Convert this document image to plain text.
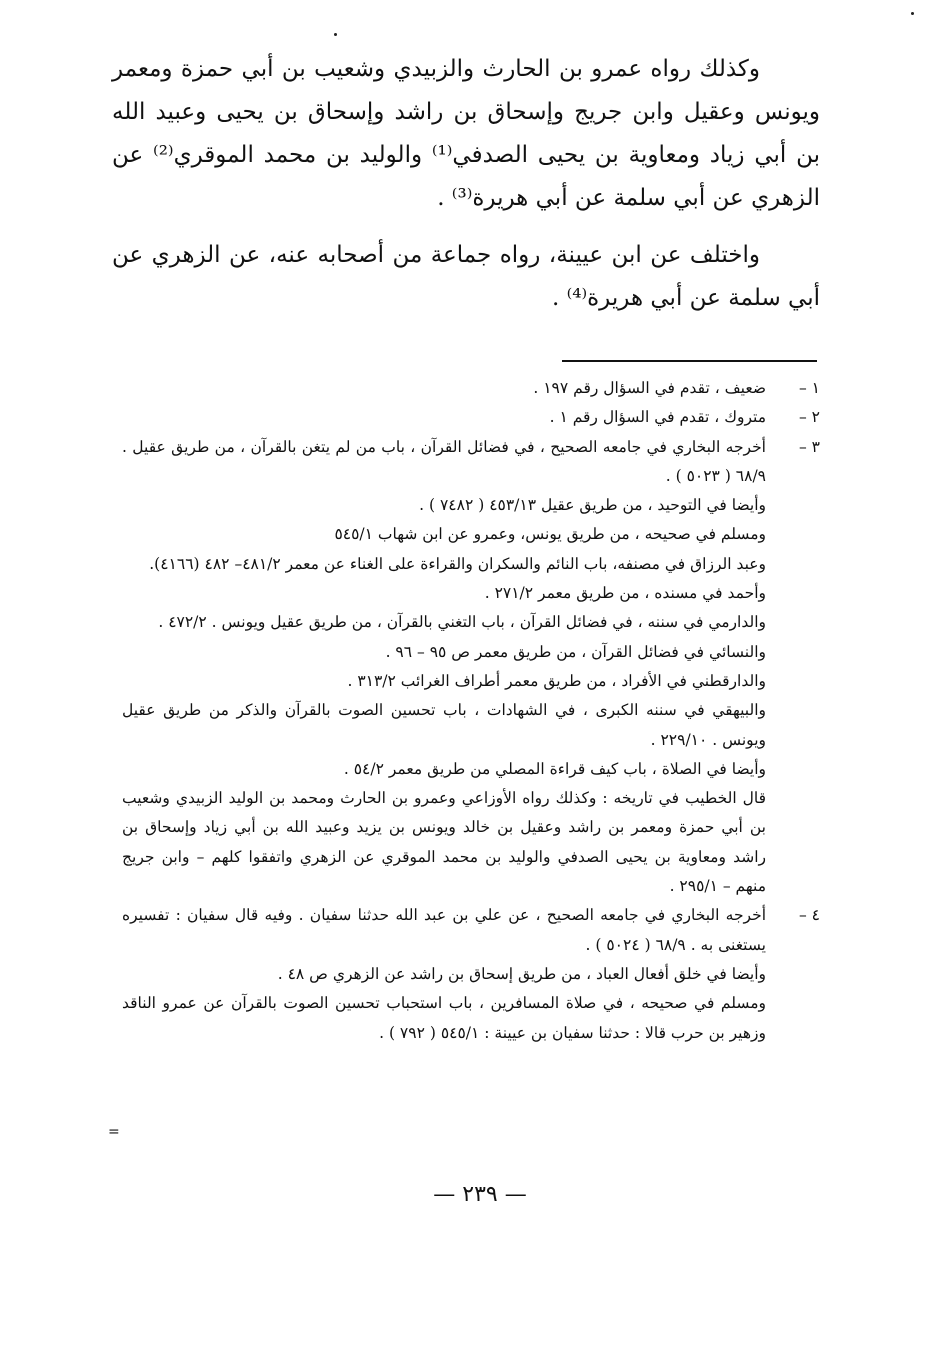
وكذلك رواه عمرو بن الحارث والزبيدي وشعيب بن أبي حمزة ومعمر ويونس وعقيل وابن جريج وإسحاق بن راشد وإسحاق بن يحيى وعبيد الله بن أبي زياد ومعاوية بن يحيى الصدفي⁽¹⁾ والوليد بن محمد الموقري⁽²⁾ عن الزهري عن أبي سلمة عن أبي هريرة⁽³⁾ .

واختلف عن ابن عيينة، رواه جماعة من أصحابه عنه، عن الزهري عن أبي سلمة عن أبي هريرة⁽⁴⁾ .

١ –
ضعيف ، تقدم في السؤال رقم ١٩٧ .
٢ –
متروك ، تقدم في السؤال رقم ١ .
٣ –
أخرجه البخاري في جامعه الصحيح ، في فضائل القرآن ، باب من لم يتغن بالقرآن ، من طريق عقيل . ٦٨/٩ ( ٥٠٢٣ ) .
وأيضا في التوحيد ، من طريق عقيل ٤٥٣/١٣ ( ٧٤٨٢ ) .
ومسلم في صحيحه ، من طريق يونس، وعمرو عن ابن شهاب ٥٤٥/١
وعبد الرزاق في مصنفه، باب النائم والسكران والقراءة على الغناء عن معمر ٤٨١/٢– ٤٨٢ (٤١٦٦).
وأحمد في مسنده ، من طريق معمر ٢٧١/٢ .
والدارمي في سننه ، في فضائل القرآن ، باب التغني بالقرآن ، من طريق عقيل ويونس . ٤٧٢/٢ .
والنسائي في فضائل القرآن ، من طريق معمر ص ٩٥ – ٩٦ .
والدارقطني في الأفراد ، من طريق معمر أطراف الغرائب ٣١٣/٢ .
والبيهقي في سننه الكبرى ، في الشهادات ، باب تحسين الصوت بالقرآن والذكر من طريق عقيل ويونس . ٢٢٩/١٠ .
وأيضا في الصلاة ، باب كيف قراءة المصلي من طريق معمر ٥٤/٢ .
قال الخطيب في تاريخه : وكذلك رواه الأوزاعي وعمرو بن الحارث ومحمد بن الوليد الزبيدي وشعيب بن أبي حمزة ومعمر بن راشد وعقيل بن خالد ويونس بن يزيد وعبيد الله بن أبي زياد وإسحاق بن راشد ومعاوية بن يحيى الصدفي والوليد بن محمد الموقري عن الزهري واتفقوا كلهم – وابن جريج منهم – ٢٩٥/١ .
٤ –
أخرجه البخاري في جامعه الصحيح ، عن علي بن عبد الله حدثنا سفيان . وفيه قال سفيان : تفسيره يستغنى به . ٦٨/٩ ( ٥٠٢٤ ) .
وأيضا في خلق أفعال العباد ، من طريق إسحاق بن راشد عن الزهري ص ٤٨ .
ومسلم في صحيحه ، في صلاة المسافرين ، باب استحباب تحسين الصوت بالقرآن عن عمرو الناقد وزهير بن حرب قالا : حدثنا سفيان بن عيينة : ٥٤٥/١ ( ٧٩٢ ) .
=
— ٢٣٩ —
